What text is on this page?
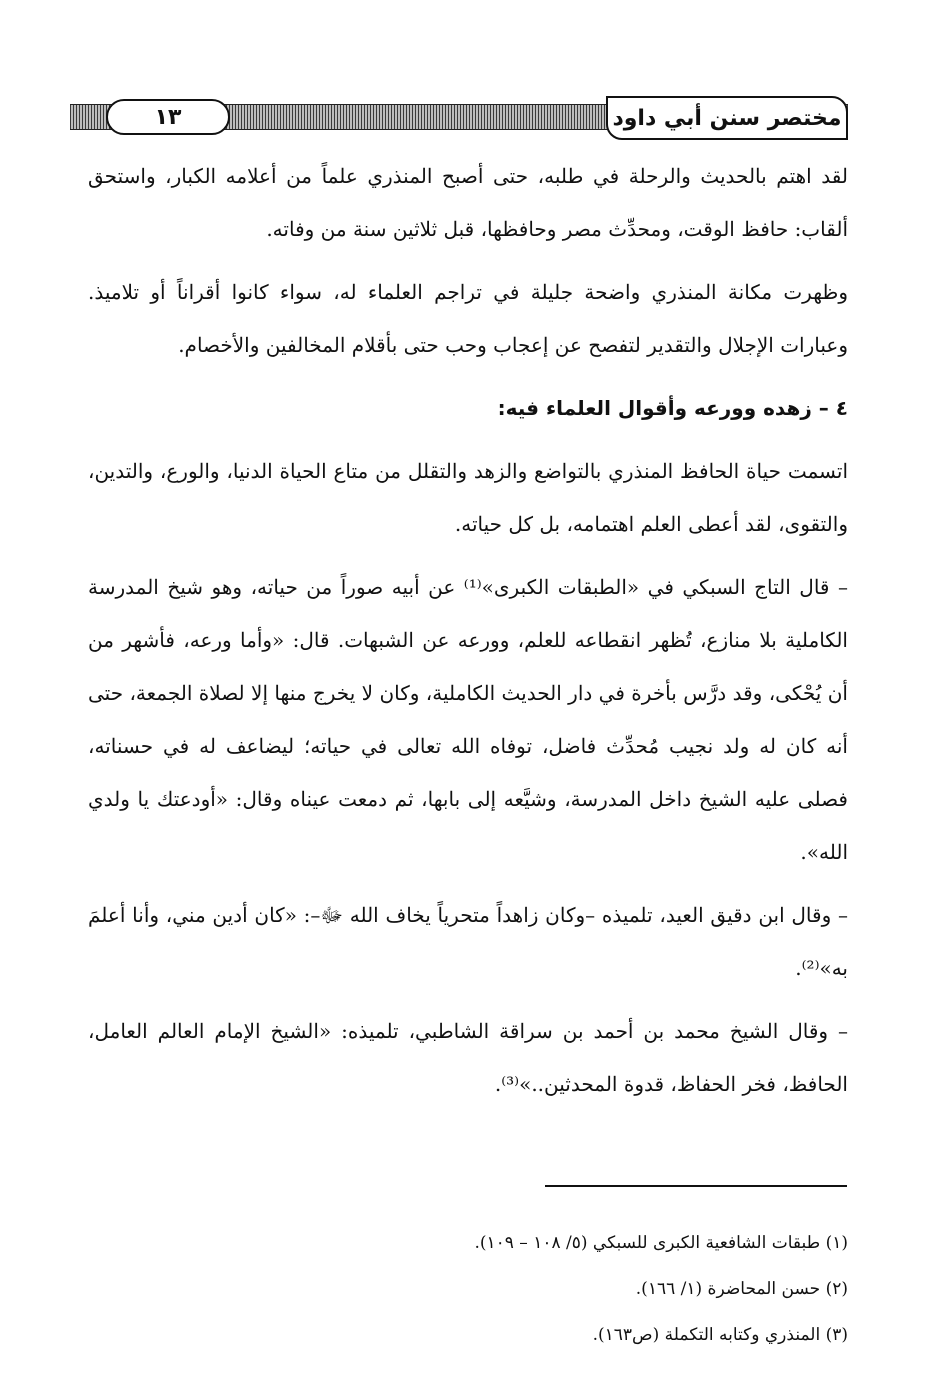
مختصر سنن أبي داود
١٣

لقد اهتم بالحديث والرحلة في طلبه، حتى أصبح المنذري علماً من أعلامه الكبار، واستحق ألقاب: حافظ الوقت، ومحدِّث مصر وحافظها، قبل ثلاثين سنة من وفاته.

وظهرت مكانة المنذري واضحة جليلة في تراجم العلماء له، سواء كانوا أقراناً أو تلاميذ. وعبارات الإجلال والتقدير لتفصح عن إعجاب وحب حتى بأقلام المخالفين والأخصام.

٤ – زهده وورعه وأقوال العلماء فيه:

اتسمت حياة الحافظ المنذري بالتواضع والزهد والتقلل من متاع الحياة الدنيا، والورع، والتدين، والتقوى، لقد أعطى العلم اهتمامه، بل كل حياته.

– قال التاج السبكي في «الطبقات الكبرى»⁽¹⁾ عن أبيه صوراً من حياته، وهو شيخ المدرسة الكاملية بلا منازع، تُظهر انقطاعه للعلم، وورعه عن الشبهات. قال: «وأما ورعه، فأشهر من أن يُحْكى، وقد درَّس بأخرة في دار الحديث الكاملية، وكان لا يخرج منها إلا لصلاة الجمعة، حتى أنه كان له ولد نجيب مُحدِّث فاضل، توفاه الله تعالى في حياته؛ ليضاعف له في حسناته، فصلى عليه الشيخ داخل المدرسة، وشيَّعه إلى بابها، ثم دمعت عيناه وقال: «أودعتك يا ولدي الله».

– وقال ابن دقيق العيد، تلميذه –وكان زاهداً متحرياً يخاف الله ﷻ–: «كان أدين مني، وأنا أعلمَ به»⁽²⁾.

– وقال الشيخ محمد بن أحمد بن سراقة الشاطبي، تلميذه: «الشيخ الإمام العالم العامل، الحافظ، فخر الحفاظ، قدوة المحدثين..»⁽³⁾.

(١) طبقات الشافعية الكبرى للسبكي (٥/ ١٠٨ – ١٠٩).

(٢) حسن المحاضرة (١/ ١٦٦).

(٣) المنذري وكتابه التكملة (ص١٦٣).
